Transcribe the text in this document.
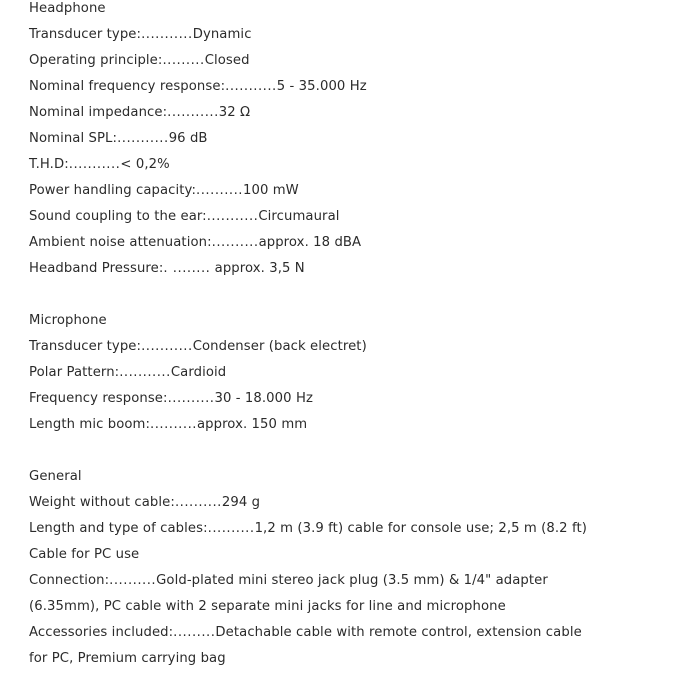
Headphone
Transducer type:...........Dynamic
Operating principle:.........Closed
Nominal frequency response:...........5 - 35.000 Hz
Nominal impedance:...........32 Ω
Nominal SPL:...........96 dB
T.H.D:...........< 0,2%
Power handling capacity:..........100 mW
Sound coupling to the ear:...........Circumaural
Ambient noise attenuation:..........approx. 18 dBA
Headband Pressure:. ........ approx. 3,5 N
Microphone
Transducer type:...........Condenser (back electret)
Polar Pattern:...........Cardioid
Frequency response:..........30 - 18.000 Hz
Length mic boom:..........approx. 150 mm
General
Weight without cable:..........294 g
Length and type of cables:..........1,2 m (3.9 ft) cable for console use; 2,5 m (8.2 ft)
Cable for PC use
Connection:..........Gold-plated mini stereo jack plug (3.5 mm) & 1/4" adapter
(6.35mm), PC cable with 2 separate mini jacks for line and microphone
Accessories included:.........Detachable cable with remote control, extension cable
for PC, Premium carrying bag
